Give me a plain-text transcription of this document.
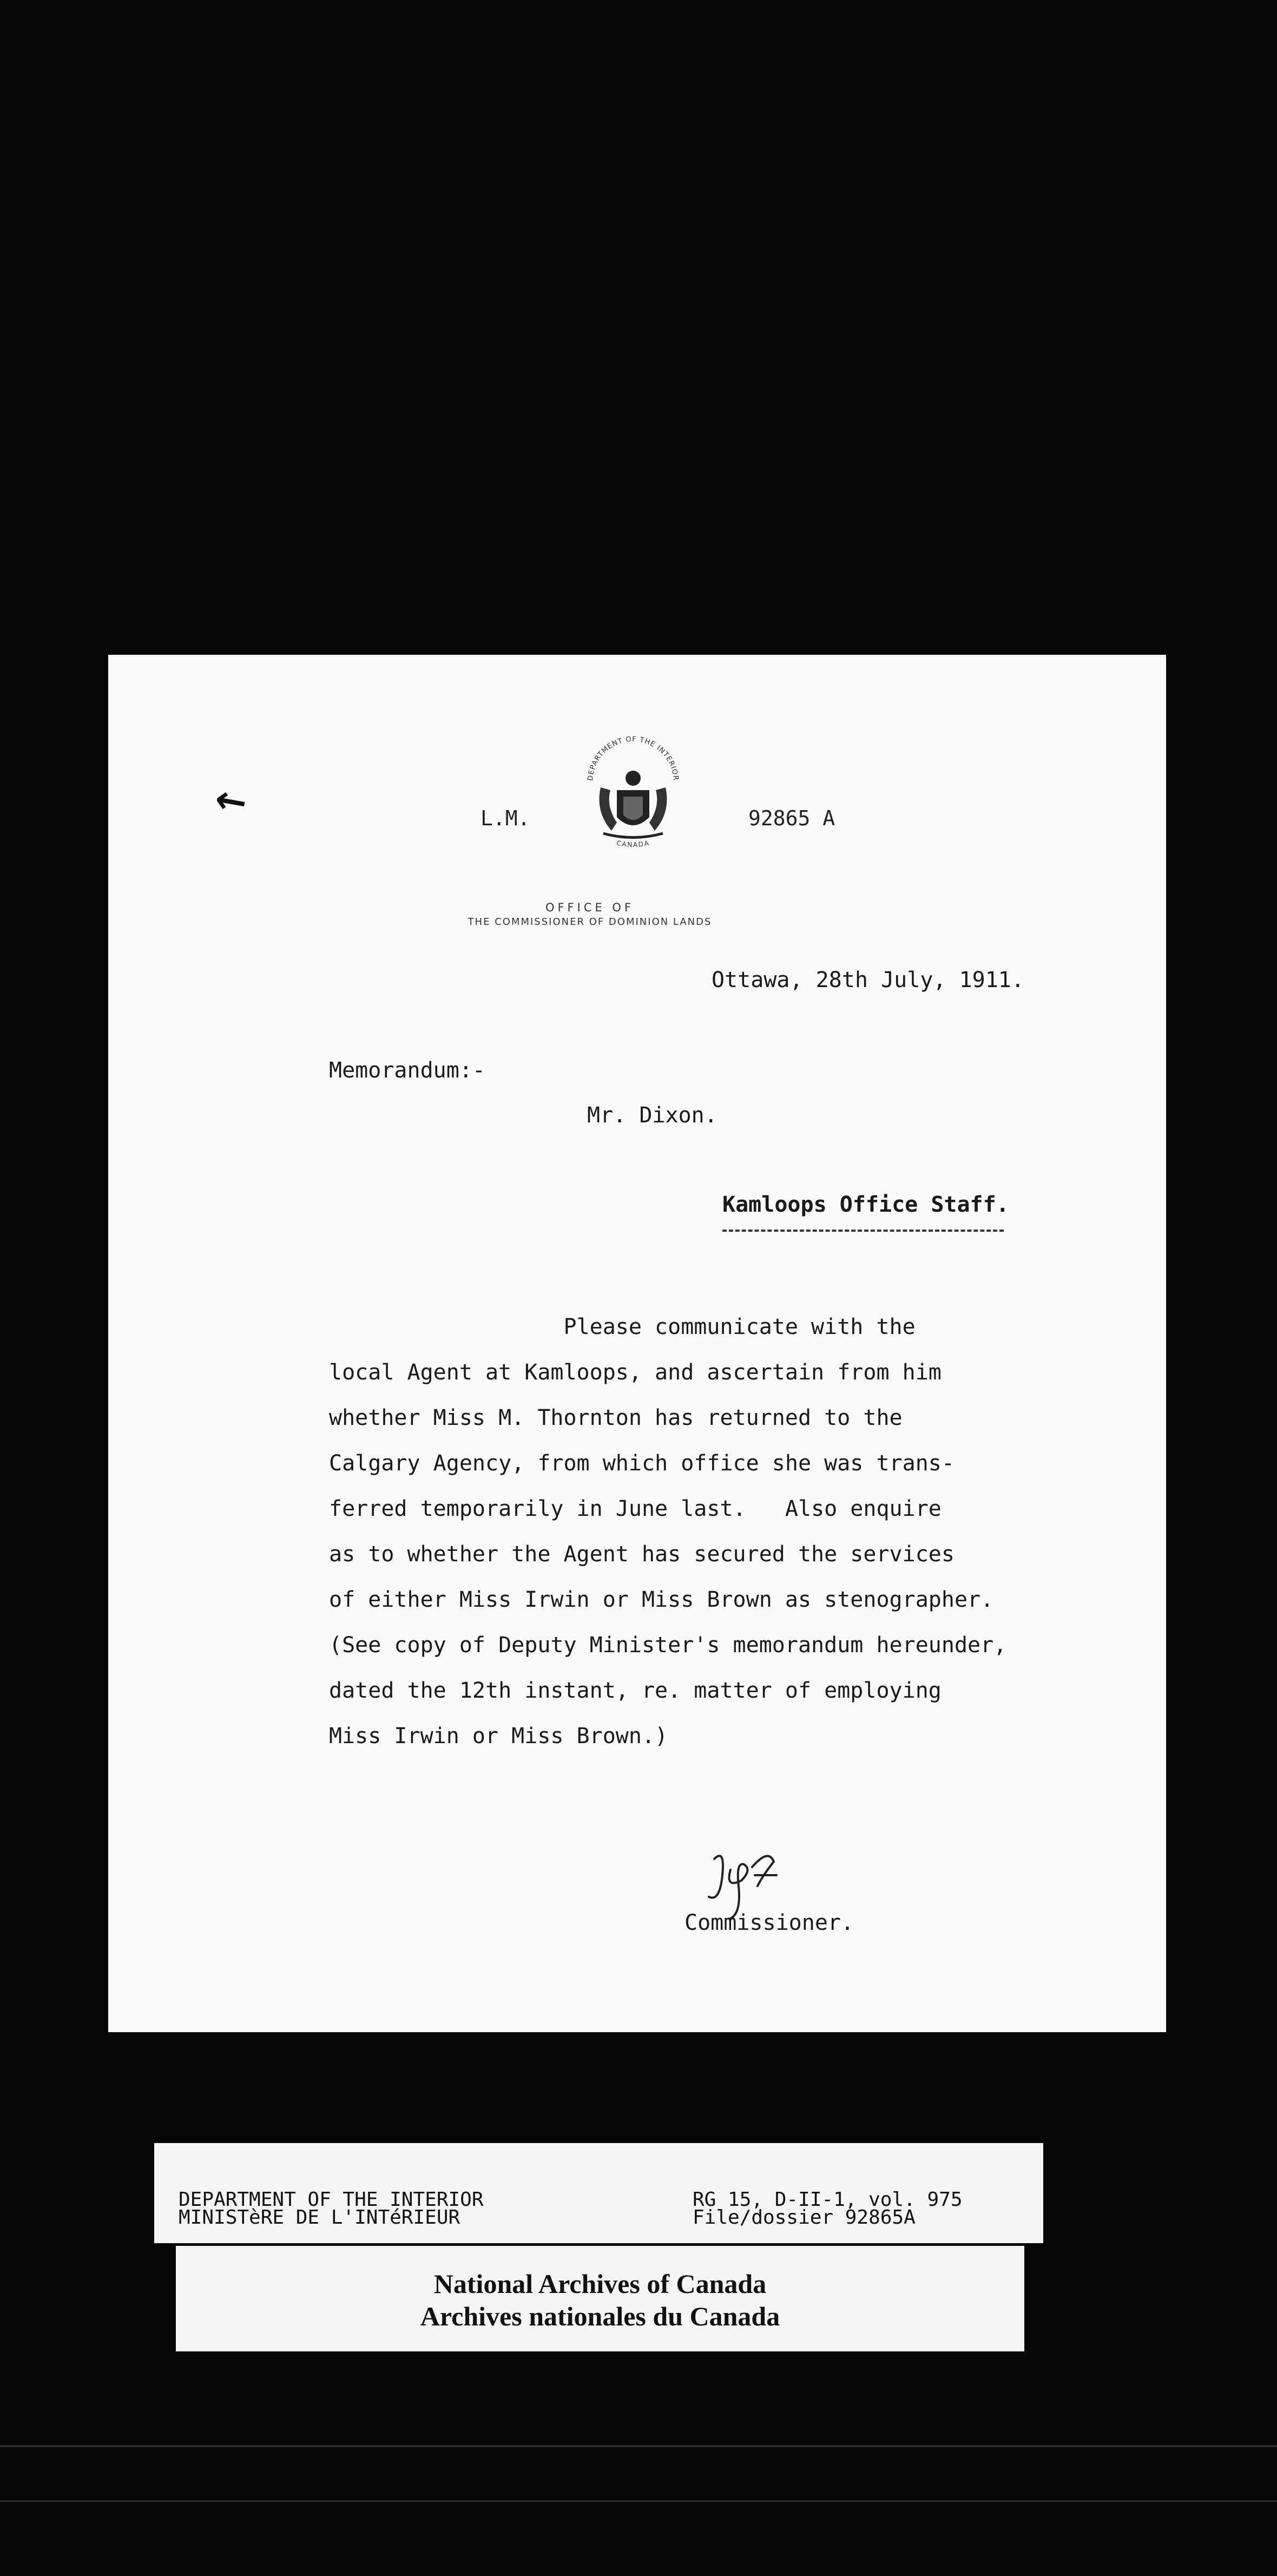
↖	L.M.
DEPARTMENT OF THE INTERIOR
CANADA
92865 A
OFFICE OF
THE COMMISSIONER OF DOMINION LANDS
Ottawa, 28th July, 1911.
Memorandum:-
Mr. Dixon.
Kamloops Office Staff.
Please communicate with the
local Agent at Kamloops, and ascertain from him
whether Miss M. Thornton has returned to the
Calgary Agency, from which office she was trans-
ferred temporarily in June last.   Also enquire
as to whether the Agent has secured the services
of either Miss Irwin or Miss Brown as stenographer.
(See copy of Deputy Minister's memorandum hereunder,
dated the 12th instant, re. matter of employing
Miss Irwin or Miss Brown.)
Commissioner.
DEPARTMENT OF THE INTERIOR
MINISTèRE DE L'INTéRIEUR
RG 15, D-II-1, vol. 975
File/dossier 92865A
National Archives of Canada
Archives nationales du Canada
